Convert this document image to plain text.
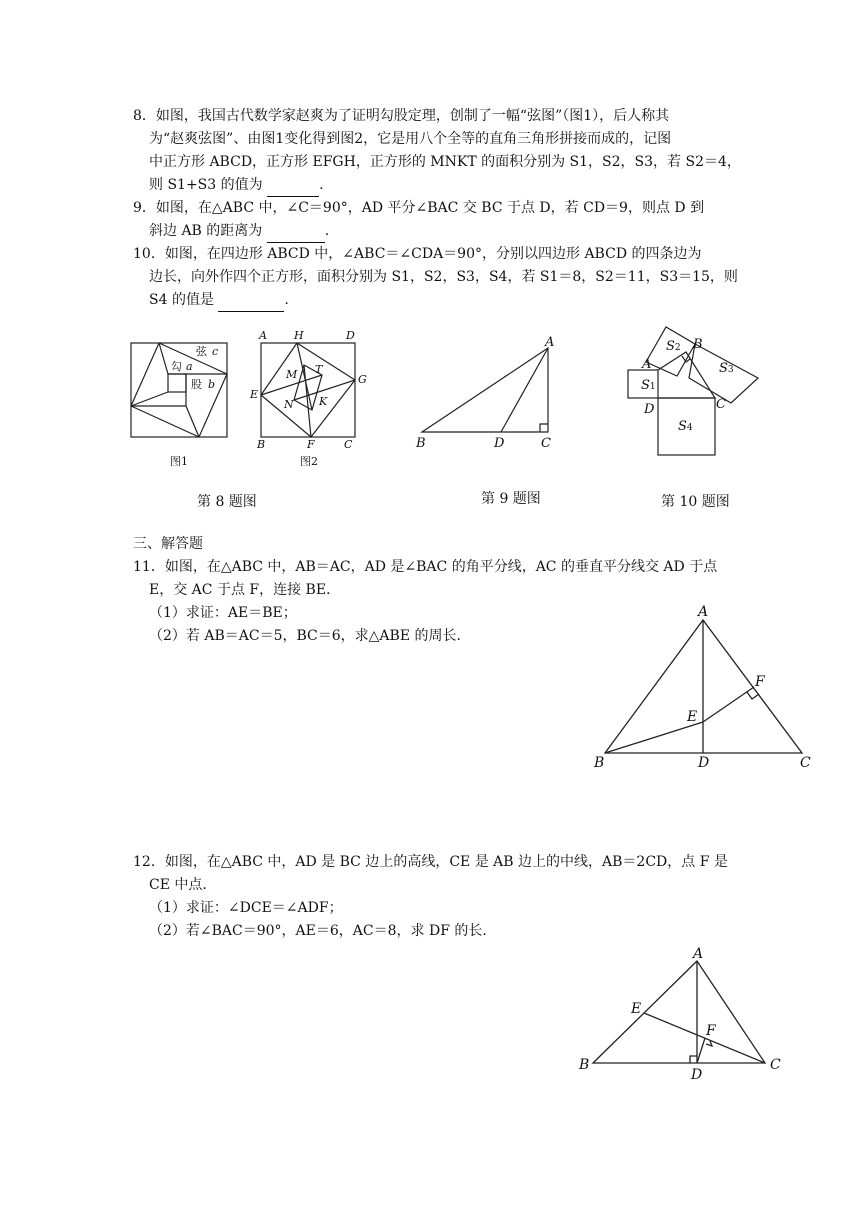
8．如图，我国古代数学家赵爽为了证明勾股定理，创制了一幅“弦图”（图1），后人称其
为“赵爽弦图”、由图1变化得到图2，它是用八个全等的直角三角形拼接而成的，记图
中正方形 ABCD，正方形 EFGH，正方形的 MNKT 的面积分别为 S1，S2，S3，若 S2＝4，
则 S1+S3 的值为	.
9．如图，在△ABC 中，∠C＝90°，AD 平分∠BAC 交 BC 于点 D，若 CD＝9，则点 D 到
斜边 AB 的距离为	.
10．如图，在四边形 ABCD 中，∠ABC＝∠CDA＝90°，分别以四边形 ABCD 的四条边为
边长，向外作四个正方形，面积分别为 S1，S2，S3，S4，若 S1＝8，S2＝11，S3＝15，则
S4 的值是	.
弦 c
勾 a
股 b
A H	D
E
G
B	F	C
M T
N K
图1	图2
第 8 题图
A
B	D	C
第 9 题图
S2 B
A	S3
S1
D	C
S4
第 10 题图
三、解答题
11．如图，在△ABC 中，AB＝AC，AD 是∠BAC 的角平分线，AC 的垂直平分线交 AD 于点
E，交 AC 于点 F，连接 BE．
（1）求证：AE＝BE；
（2）若 AB＝AC＝5，BC＝6，求△ABE 的周长．
A
F
E
B	D	C
12．如图，在△ABC 中，AD 是 BC 边上的高线，CE 是 AB 边上的中线，AB＝2CD，点 F 是
CE 中点．
（1）求证：∠DCE＝∠ADF；
（2）若∠BAC＝90°，AE＝6，AC＝8，求 DF 的长．
A
E
F
B
D
C
